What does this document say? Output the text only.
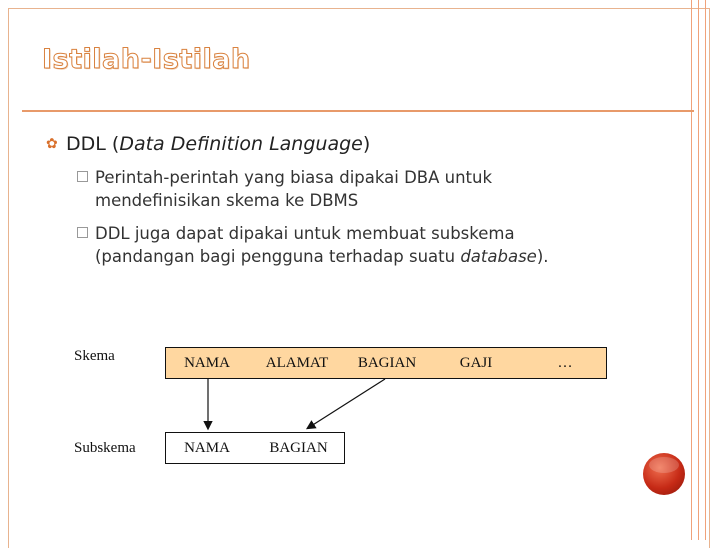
Istilah-Istilah
✿ DDL (Data Definition Language)
Perintah-perintah yang biasa dipakai DBA untuk
mendefinisikan skema ke DBMS
DDL juga dapat dipakai untuk membuat subskema
(pandangan bagi pengguna terhadap suatu database).
Skema
Subskema
NAMA	ALAMAT	BAGIAN	GAJI	…
NAMA	BAGIAN
